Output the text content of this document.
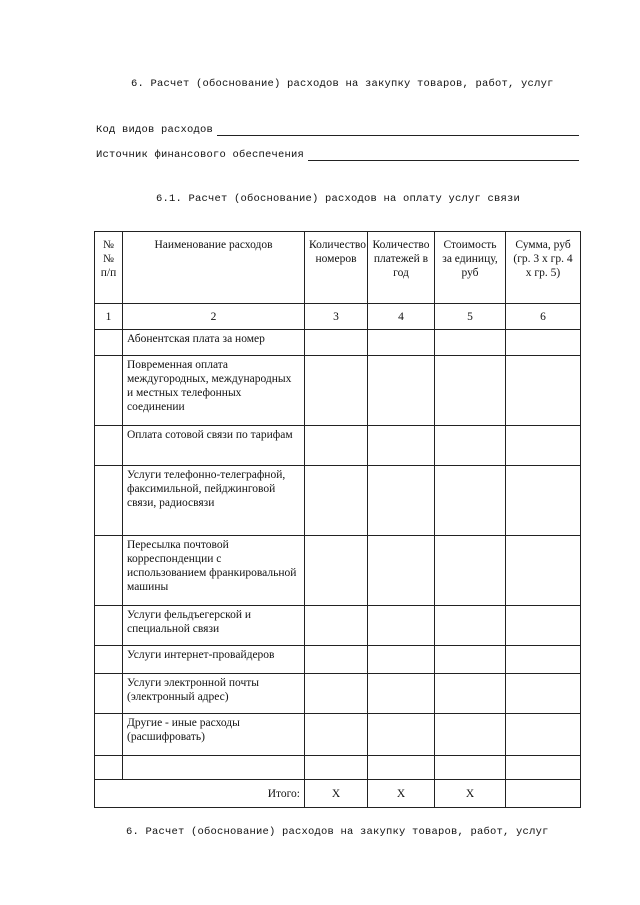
6. Расчет (обоснование) расходов на закупку товаров, работ, услуг
Код видов расходов
Источник финансового обеспечения
6.1. Расчет (обоснование) расходов на оплату услуг связи
№ № п/п	Наименование расходов	Количество номеров	Количество платежей в год	Стоимость за единицу, руб	Сумма, руб (гр. 3 х гр. 4 х гр. 5)
1	2	3	4	5	6
	Абонентская плата за номер				
	Повременная оплата междугородных, международных и местных телефонных соединении				
	Оплата сотовой связи по тарифам				
	Услуги телефонно-телеграфной, факсимильной, пейджинговой связи, радиосвязи				
	Пересылка почтовой корреспонденции с использованием франкировальной машины				
	Услуги фельдъегерской и специальной связи				
	Услуги интернет-провайдеров				
	Услуги электронной почты (электронный адрес)				
	Другие - иные расходы (расшифровать)				

Итого:		X	X	X	
6. Расчет (обоснование) расходов на закупку товаров, работ, услуг
